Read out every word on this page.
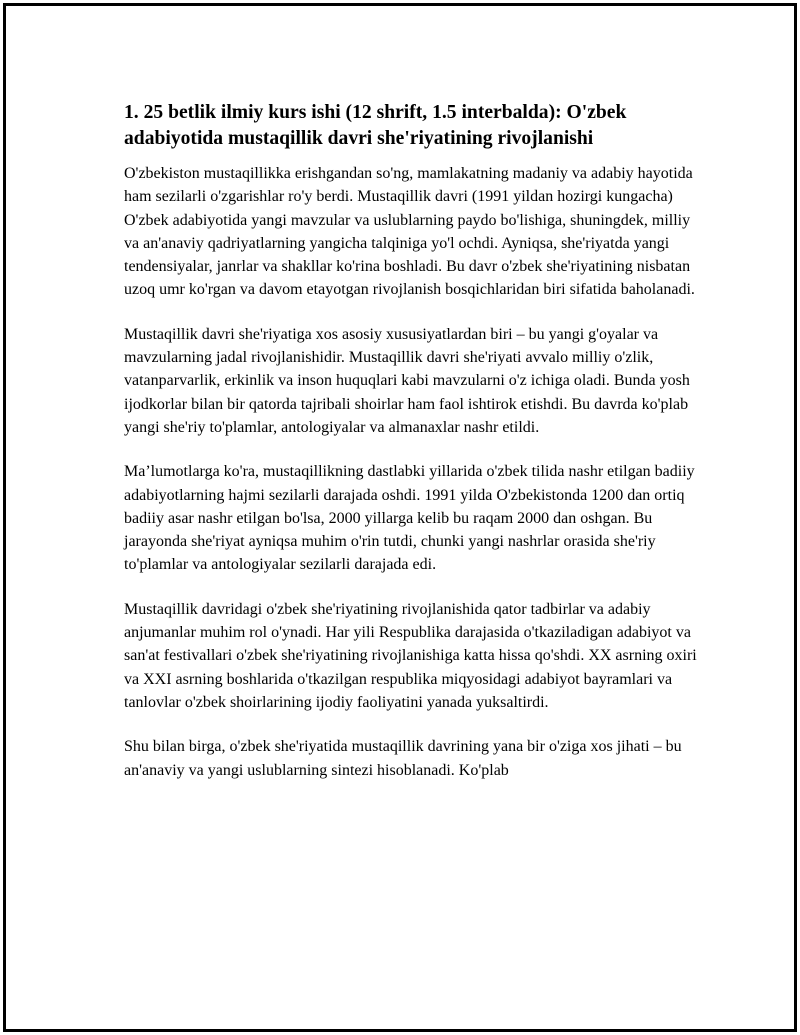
1. 25 betlik ilmiy kurs ishi (12 shrift, 1.5 interbalda): O'zbek adabiyotida mustaqillik davri she'riyatining rivojlanishi

O'zbekiston mustaqillikka erishgandan so'ng, mamlakatning madaniy va adabiy hayotida ham sezilarli o'zgarishlar ro'y berdi. Mustaqillik davri (1991 yildan hozirgi kungacha) O'zbek adabiyotida yangi mavzular va uslublarning paydo bo'lishiga, shuningdek, milliy va an'anaviy qadriyatlarning yangicha talqiniga yo'l ochdi. Ayniqsa, she'riyatda yangi tendensiyalar, janrlar va shakllar ko'rina boshladi. Bu davr o'zbek she'riyatining nisbatan uzoq umr ko'rgan va davom etayotgan rivojlanish bosqichlaridan biri sifatida baholanadi.

Mustaqillik davri she'riyatiga xos asosiy xususiyatlardan biri – bu yangi g'oyalar va mavzularning jadal rivojlanishidir. Mustaqillik davri she'riyati avvalo milliy o'zlik, vatanparvarlik, erkinlik va inson huquqlari kabi mavzularni o'z ichiga oladi. Bunda yosh ijodkorlar bilan bir qatorda tajribali shoirlar ham faol ishtirok etishdi. Bu davrda ko'plab yangi she'riy to'plamlar, antologiyalar va almanaxlar nashr etildi.

Ma’lumotlarga ko'ra, mustaqillikning dastlabki yillarida o'zbek tilida nashr etilgan badiiy adabiyotlarning hajmi sezilarli darajada oshdi. 1991 yilda O'zbekistonda 1200 dan ortiq badiiy asar nashr etilgan bo'lsa, 2000 yillarga kelib bu raqam 2000 dan oshgan. Bu jarayonda she'riyat ayniqsa muhim o'rin tutdi, chunki yangi nashrlar orasida she'riy to'plamlar va antologiyalar sezilarli darajada edi.

Mustaqillik davridagi o'zbek she'riyatining rivojlanishida qator tadbirlar va adabiy anjumanlar muhim rol o'ynadi. Har yili Respublika darajasida o'tkaziladigan adabiyot va san'at festivallari o'zbek she'riyatining rivojlanishiga katta hissa qo'shdi. XX asrning oxiri va XXI asrning boshlarida o'tkazilgan respublika miqyosidagi adabiyot bayramlari va tanlovlar o'zbek shoirlarining ijodiy faoliyatini yanada yuksaltirdi.

Shu bilan birga, o'zbek she'riyatida mustaqillik davrining yana bir o'ziga xos jihati – bu an'anaviy va yangi uslublarning sintezi hisoblanadi. Ko'plab
